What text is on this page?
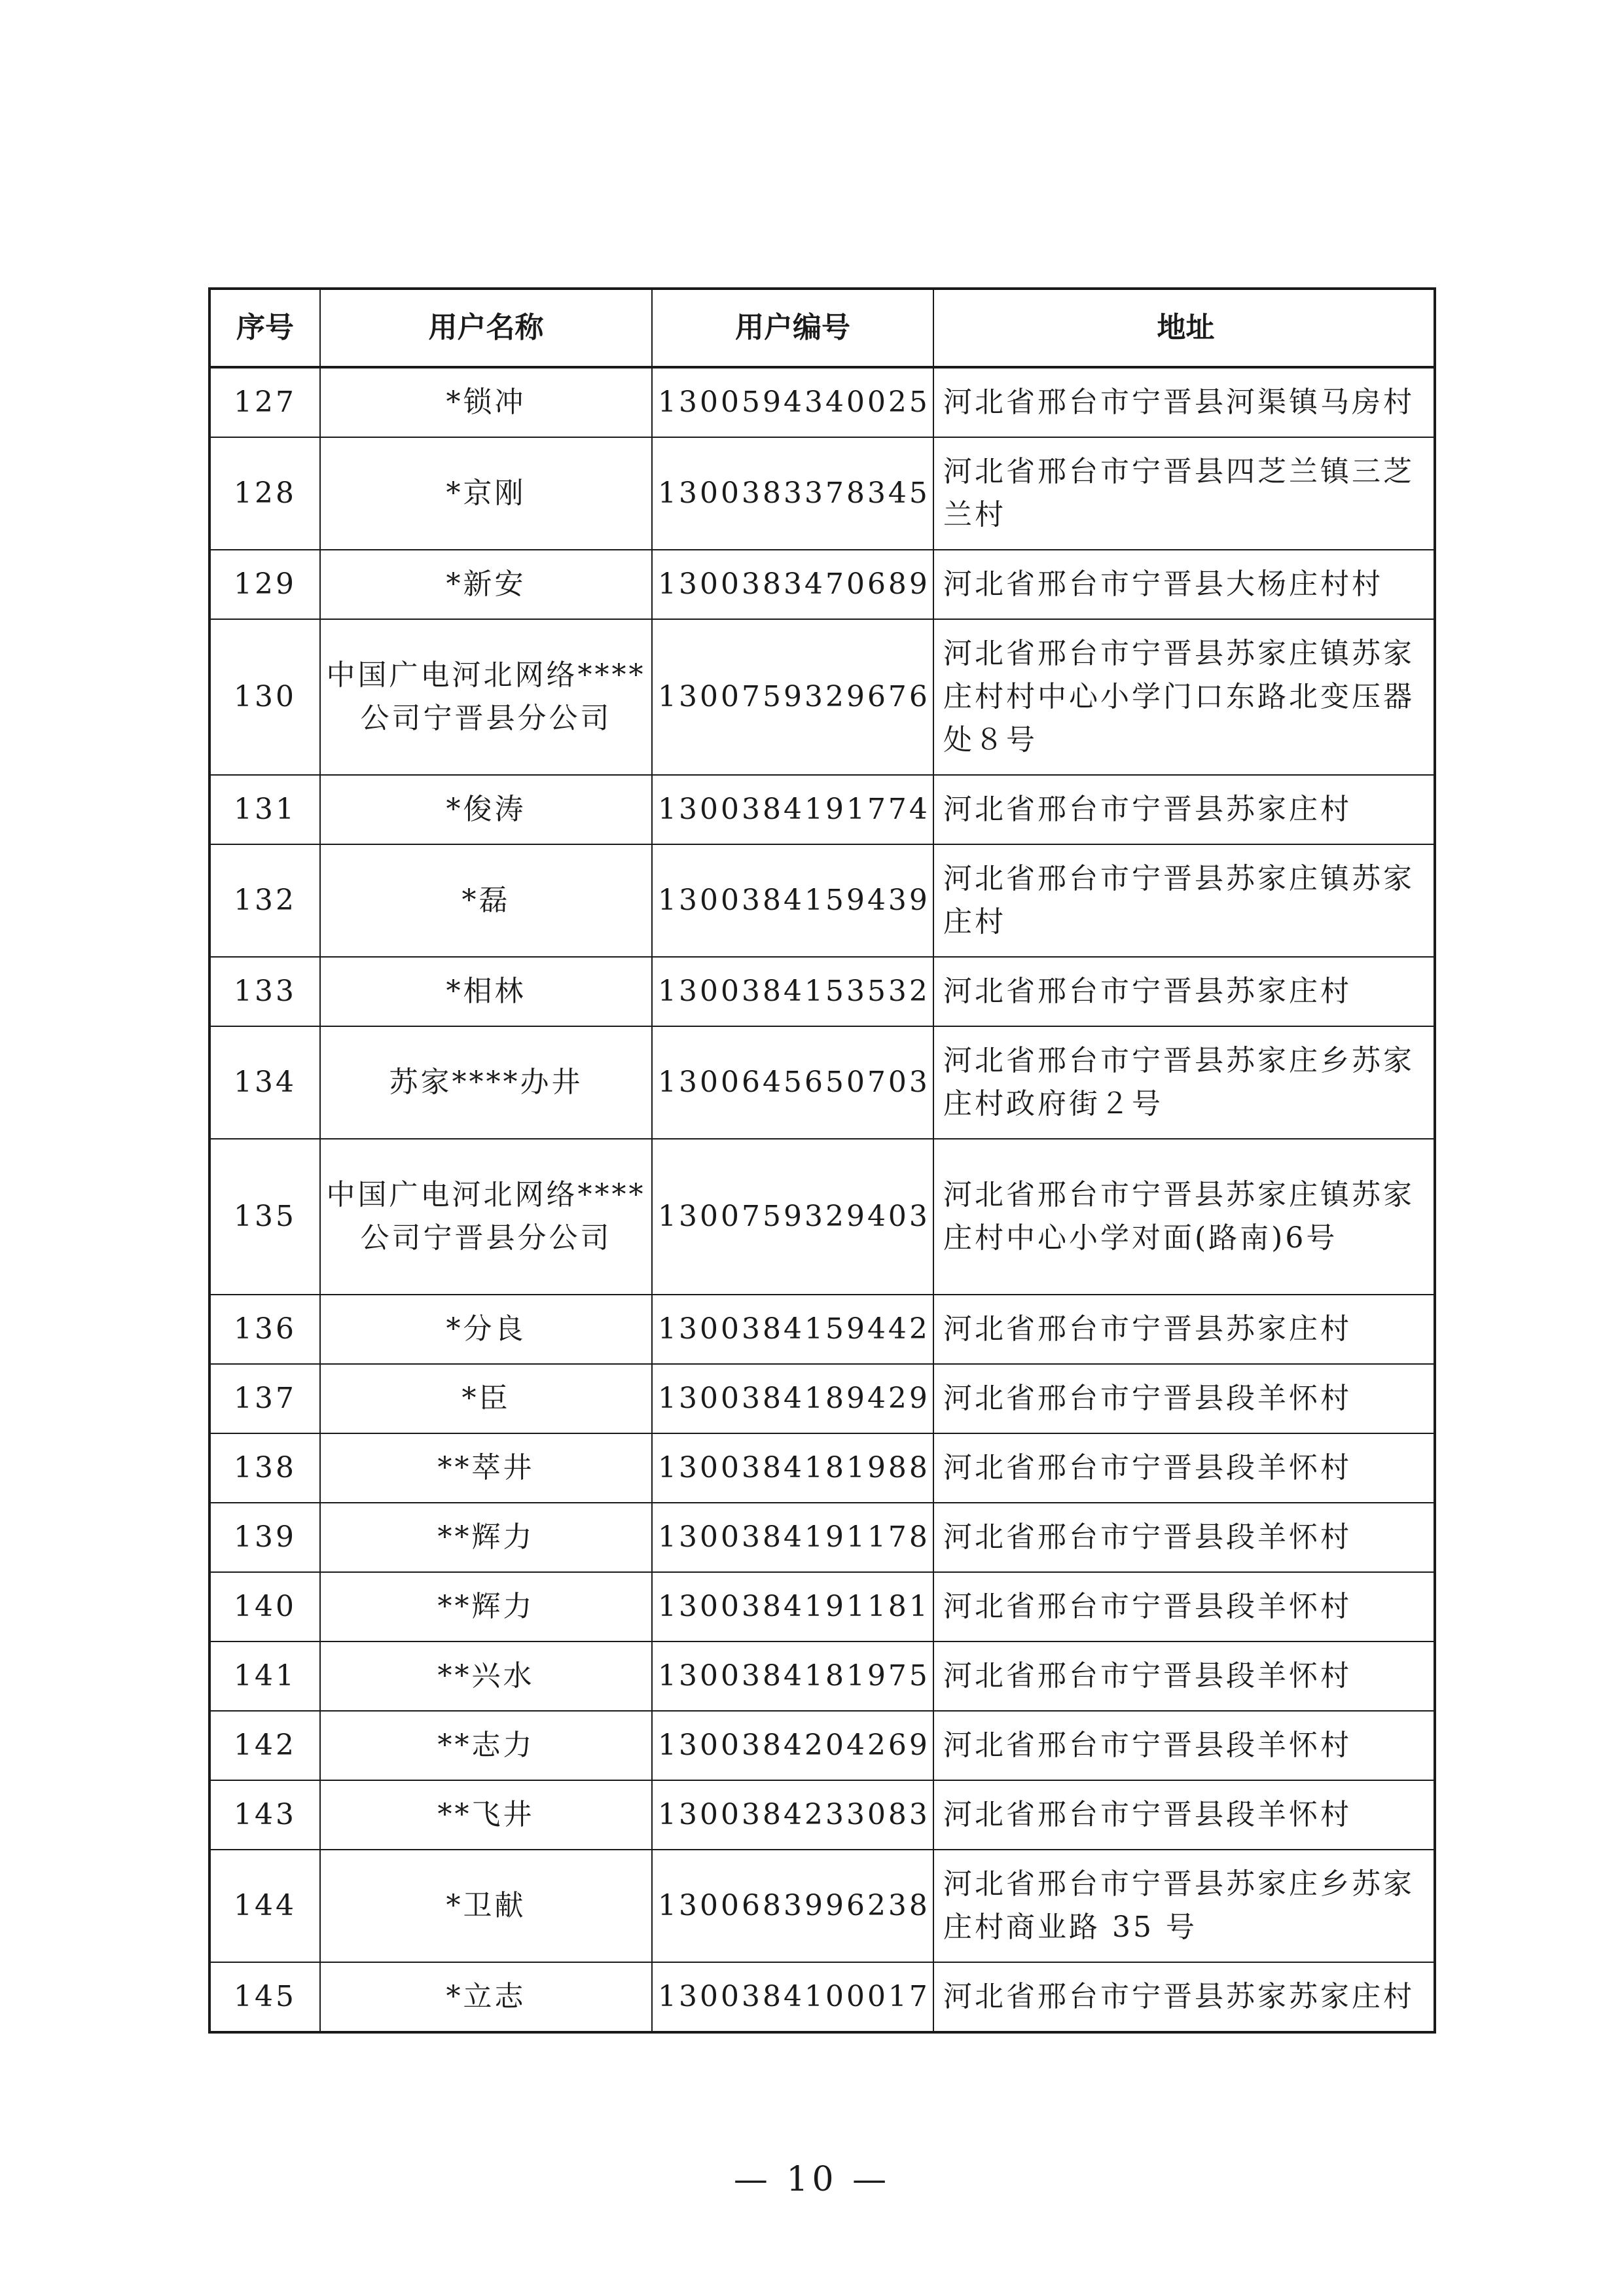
序号	用户名称	用户编号	地址
127	*锁冲	1300594340025	河北省邢台市宁晋县河渠镇马房村
128	*京刚	1300383378345	河北省邢台市宁晋县四芝兰镇三芝兰村
129	*新安	1300383470689	河北省邢台市宁晋县大杨庄村村
130	中国广电河北网络****公司宁晋县分公司	1300759329676	河北省邢台市宁晋县苏家庄镇苏家庄村村中心小学门口东路北变压器处８号
131	*俊涛	1300384191774	河北省邢台市宁晋县苏家庄村
132	*磊	1300384159439	河北省邢台市宁晋县苏家庄镇苏家庄村
133	*相林	1300384153532	河北省邢台市宁晋县苏家庄村
134	苏家****办井	1300645650703	河北省邢台市宁晋县苏家庄乡苏家庄村政府街２号
135	中国广电河北网络****公司宁晋县分公司	1300759329403	河北省邢台市宁晋县苏家庄镇苏家庄村中心小学对面(路南)6号
136	*分良	1300384159442	河北省邢台市宁晋县苏家庄村
137	*臣	1300384189429	河北省邢台市宁晋县段羊怀村
138	**萃井	1300384181988	河北省邢台市宁晋县段羊怀村
139	**辉力	1300384191178	河北省邢台市宁晋县段羊怀村
140	**辉力	1300384191181	河北省邢台市宁晋县段羊怀村
141	**兴水	1300384181975	河北省邢台市宁晋县段羊怀村
142	**志力	1300384204269	河北省邢台市宁晋县段羊怀村
143	**飞井	1300384233083	河北省邢台市宁晋县段羊怀村
144	*卫献	1300683996238	河北省邢台市宁晋县苏家庄乡苏家庄村商业路 35 号
145	*立志	1300384100017	河北省邢台市宁晋县苏家苏家庄村
— 10 —
